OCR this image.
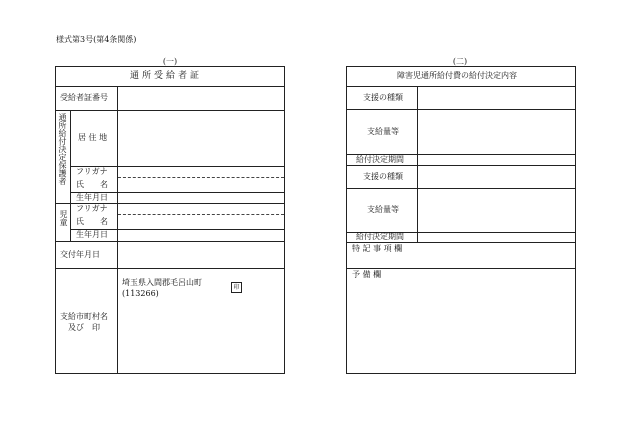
様式第3号(第4条関係)
(一)	(二)
通所受給者証
受給者証番号
通所給付決定保護者 居 住 地
フリガナ
氏　　名
生年月日
児童
フリガナ
氏　　名
生年月日
交付年月日
支給市町村名
及び　印
埼玉県入間郡毛呂山町
(113266)
印
障害児通所給付費の給付決定内容
支援の種類
支給量等
給付決定期間
支援の種類
支給量等
給付決定期間
特 記 事 項 欄
予 備 欄
